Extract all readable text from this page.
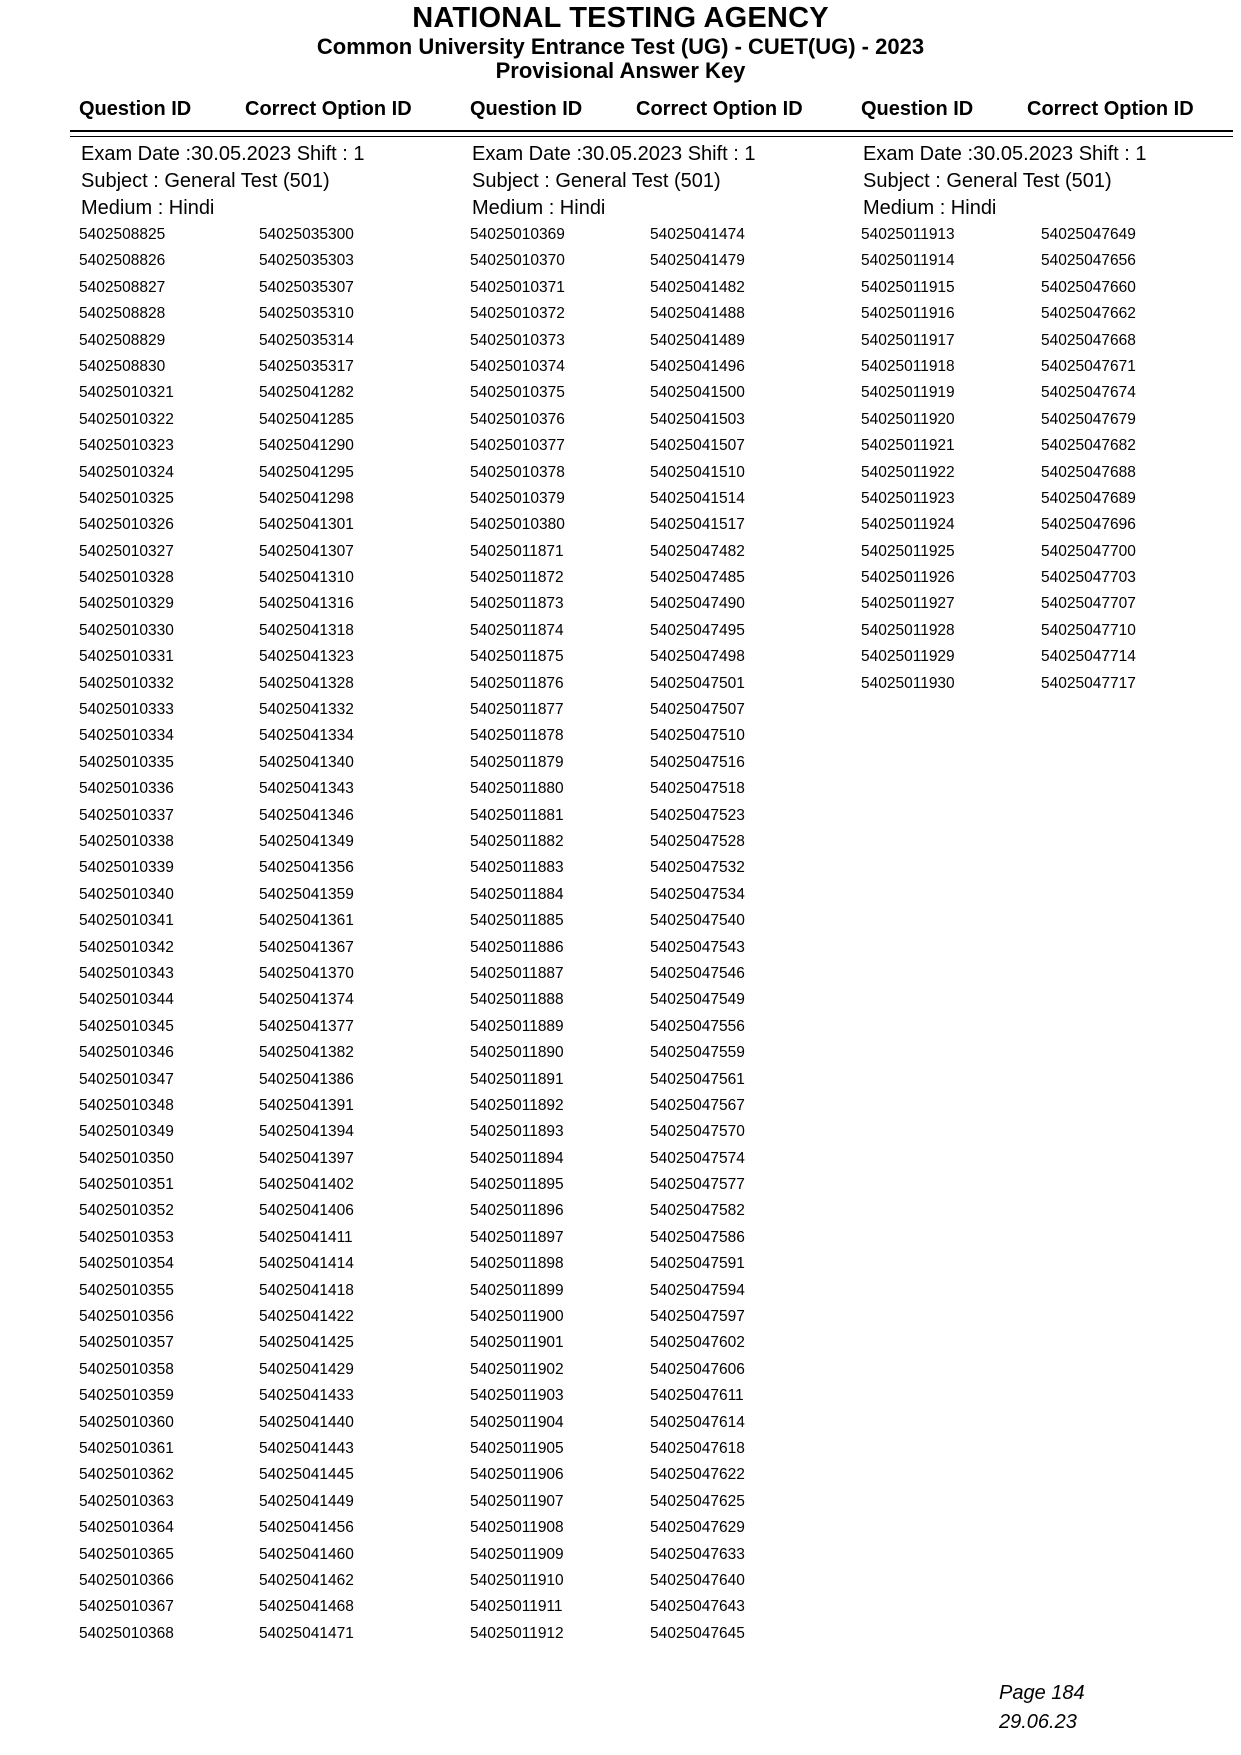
NATIONAL TESTING AGENCY
Common University Entrance Test (UG) - CUET(UG) - 2023
Provisional Answer Key
Question ID	Correct Option ID	Question ID	Correct Option ID	Question ID	Correct Option ID
Exam Date :30.05.2023 Shift : 1
Subject : General Test (501)
Medium : Hindi
5402508825	54025035300
5402508826	54025035303
5402508827	54025035307
5402508828	54025035310
5402508829	54025035314
5402508830	54025035317
54025010321	54025041282
54025010322	54025041285
54025010323	54025041290
54025010324	54025041295
54025010325	54025041298
54025010326	54025041301
54025010327	54025041307
54025010328	54025041310
54025010329	54025041316
54025010330	54025041318
54025010331	54025041323
54025010332	54025041328
54025010333	54025041332
54025010334	54025041334
54025010335	54025041340
54025010336	54025041343
54025010337	54025041346
54025010338	54025041349
54025010339	54025041356
54025010340	54025041359
54025010341	54025041361
54025010342	54025041367
54025010343	54025041370
54025010344	54025041374
54025010345	54025041377
54025010346	54025041382
54025010347	54025041386
54025010348	54025041391
54025010349	54025041394
54025010350	54025041397
54025010351	54025041402
54025010352	54025041406
54025010353	54025041411
54025010354	54025041414
54025010355	54025041418
54025010356	54025041422
54025010357	54025041425
54025010358	54025041429
54025010359	54025041433
54025010360	54025041440
54025010361	54025041443
54025010362	54025041445
54025010363	54025041449
54025010364	54025041456
54025010365	54025041460
54025010366	54025041462
54025010367	54025041468
54025010368	54025041471
Exam Date :30.05.2023 Shift : 1
Subject : General Test (501)
Medium : Hindi
54025010369	54025041474
54025010370	54025041479
54025010371	54025041482
54025010372	54025041488
54025010373	54025041489
54025010374	54025041496
54025010375	54025041500
54025010376	54025041503
54025010377	54025041507
54025010378	54025041510
54025010379	54025041514
54025010380	54025041517
54025011871	54025047482
54025011872	54025047485
54025011873	54025047490
54025011874	54025047495
54025011875	54025047498
54025011876	54025047501
54025011877	54025047507
54025011878	54025047510
54025011879	54025047516
54025011880	54025047518
54025011881	54025047523
54025011882	54025047528
54025011883	54025047532
54025011884	54025047534
54025011885	54025047540
54025011886	54025047543
54025011887	54025047546
54025011888	54025047549
54025011889	54025047556
54025011890	54025047559
54025011891	54025047561
54025011892	54025047567
54025011893	54025047570
54025011894	54025047574
54025011895	54025047577
54025011896	54025047582
54025011897	54025047586
54025011898	54025047591
54025011899	54025047594
54025011900	54025047597
54025011901	54025047602
54025011902	54025047606
54025011903	54025047611
54025011904	54025047614
54025011905	54025047618
54025011906	54025047622
54025011907	54025047625
54025011908	54025047629
54025011909	54025047633
54025011910	54025047640
54025011911	54025047643
54025011912	54025047645
Exam Date :30.05.2023 Shift : 1
Subject : General Test (501)
Medium : Hindi
54025011913	54025047649
54025011914	54025047656
54025011915	54025047660
54025011916	54025047662
54025011917	54025047668
54025011918	54025047671
54025011919	54025047674
54025011920	54025047679
54025011921	54025047682
54025011922	54025047688
54025011923	54025047689
54025011924	54025047696
54025011925	54025047700
54025011926	54025047703
54025011927	54025047707
54025011928	54025047710
54025011929	54025047714
54025011930	54025047717
Page 184
29.06.23
